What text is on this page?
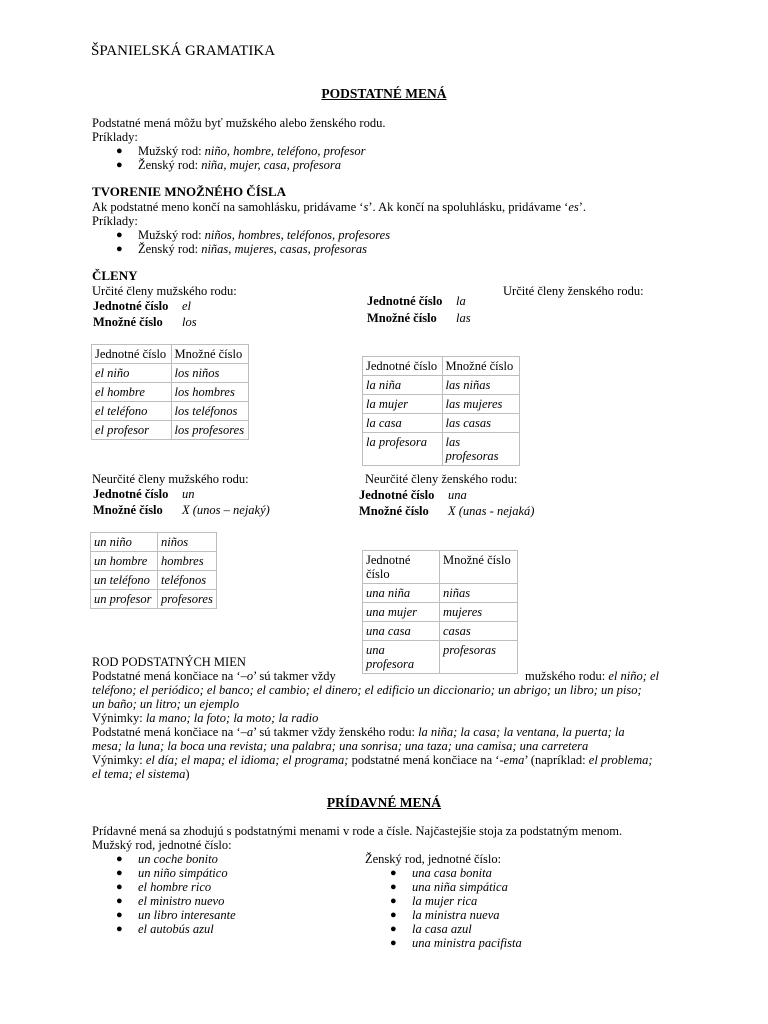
ŠPANIELSKÁ GRAMATIKA
PODSTATNÉ MENÁ
Podstatné mená môžu byť mužského alebo ženského rodu.
Príklady:
● Mužský rod: niño, hombre, teléfono, profesor
● Ženský rod: niña, mujer, casa, profesora
TVORENIE MNOŽNÉHO ČÍSLA
Ak podstatné meno končí na samohlásku, pridávame ‘s’. Ak končí na spoluhlásku, pridávame ‘es’.
Príklady:
● Mužský rod: niños, hombres, teléfonos, profesores
● Ženský rod: niñas, mujeres, casas, profesoras
ČLENY
Určité členy mužského rodu:	Určité členy ženského rodu:
Jednotné číslo el
Množné číslo los
Jednotné číslo la
Množné číslo las
Jednotné číslo	Množné číslo
el niño	los niños
el hombre	los hombres
el teléfono	los teléfonos
el profesor	los profesores
Jednotné číslo	Množné číslo
la niña	las niñas
la mujer	las mujeres
la casa	las casas
la profesora	las profesoras
Neurčité členy mužského rodu:	Neurčité členy ženského rodu:
Jednotné číslo un
Množné číslo X (unos – nejaký)
Jednotné číslo una
Množné číslo X (unas - nejaká)
un niño	niños
un hombre	hombres
un teléfono	teléfonos
un profesor	profesores
Jednotné číslo	Množné číslo
una niña	niñas
una mujer	mujeres
una casa	casas
una profesora	profesoras
ROD PODSTATNÝCH MIEN
Podstatné mená končiace na ‘–o’ sú takmer vždy	mužského rodu: el niño; el
teléfono; el periódico; el banco; el cambio; el dinero; el edificio un diccionario; un abrigo; un libro; un piso;
un baño; un litro; un ejemplo
Výnimky: la mano; la foto; la moto; la radio
Podstatné mená končiace na ‘–a’ sú takmer vždy ženského rodu: la niña; la casa; la ventana, la puerta; la
mesa; la luna; la boca una revista; una palabra; una sonrisa; una taza; una camisa; una carretera
Výnimky: el día; el mapa; el idioma; el programa; podstatné mená končiace na ‘-ema’ (napríklad: el problema;
el tema; el sistema)
PRÍDAVNÉ MENÁ
Prídavné mená sa zhodujú s podstatnými menami v rode a čísle. Najčastejšie stoja za podstatným menom.
Mužský rod, jednotné číslo:
Ženský rod, jednotné číslo:
● un coche bonito
● un niño simpático
● el hombre rico
● el ministro nuevo
● un libro interesante
● el autobús azul
● una casa bonita
● una niña simpática
● la mujer rica
● la ministra nueva
● la casa azul
● una ministra pacifista
